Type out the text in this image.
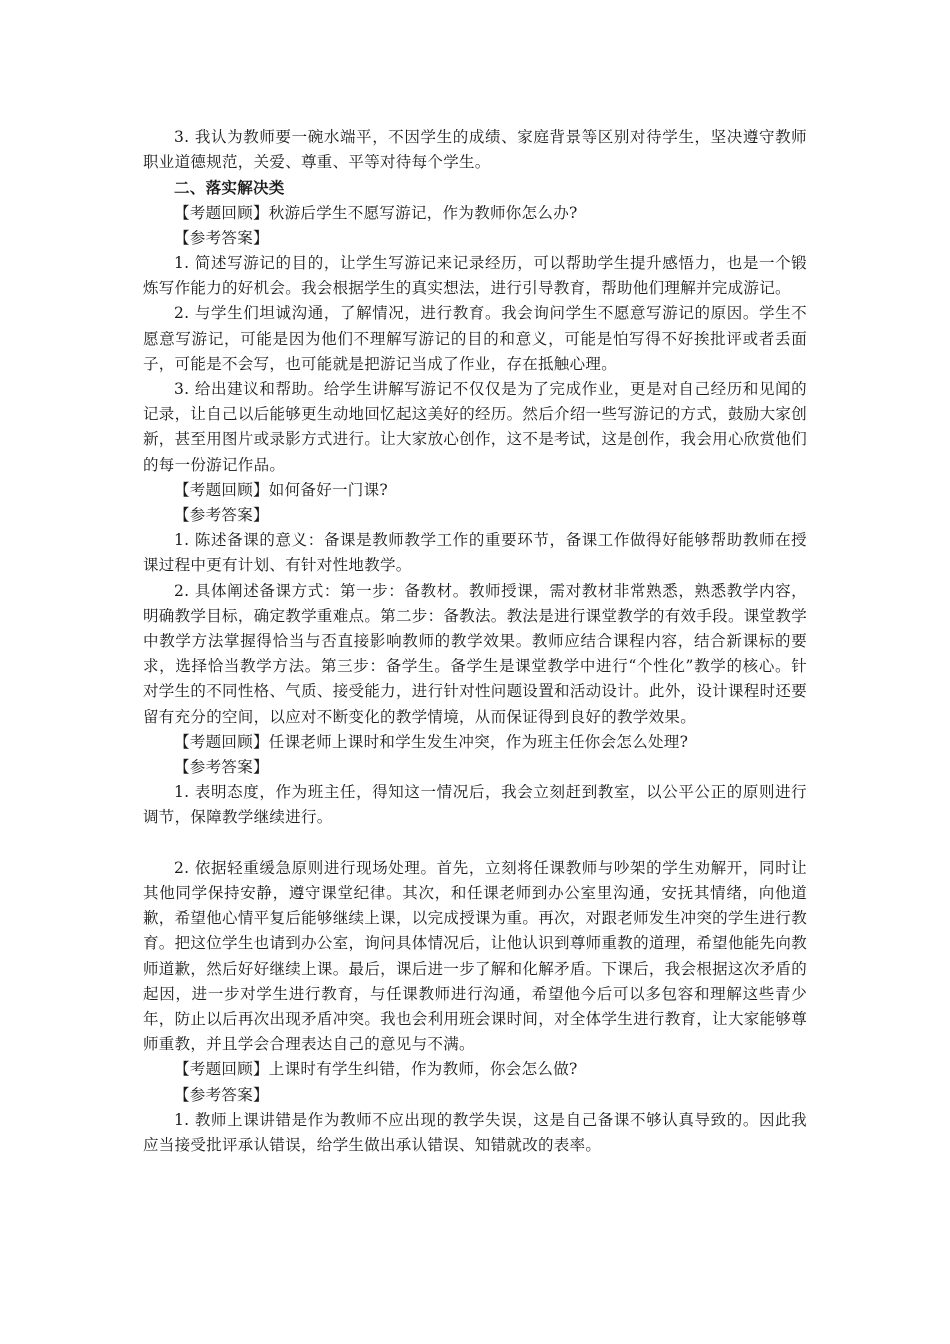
3. 我认为教师要一碗水端平，不因学生的成绩、家庭背景等区别对待学生，坚决遵守教师职业道德规范，关爱、尊重、平等对待每个学生。

二、落实解决类

【考题回顾】秋游后学生不愿写游记，作为教师你怎么办?

【参考答案】

1. 简述写游记的目的，让学生写游记来记录经历，可以帮助学生提升感悟力，也是一个锻炼写作能力的好机会。我会根据学生的真实想法，进行引导教育，帮助他们理解并完成游记。

2. 与学生们坦诚沟通，了解情况，进行教育。我会询问学生不愿意写游记的原因。学生不愿意写游记，可能是因为他们不理解写游记的目的和意义，可能是怕写得不好挨批评或者丢面子，可能是不会写，也可能就是把游记当成了作业，存在抵触心理。

3. 给出建议和帮助。给学生讲解写游记不仅仅是为了完成作业，更是对自己经历和见闻的记录，让自己以后能够更生动地回忆起这美好的经历。然后介绍一些写游记的方式，鼓励大家创新，甚至用图片或录影方式进行。让大家放心创作，这不是考试，这是创作，我会用心欣赏他们的每一份游记作品。

【考题回顾】如何备好一门课?

【参考答案】

1. 陈述备课的意义：备课是教师教学工作的重要环节，备课工作做得好能够帮助教师在授课过程中更有计划、有针对性地教学。

2. 具体阐述备课方式：第一步：备教材。教师授课，需对教材非常熟悉，熟悉教学内容，明确教学目标，确定教学重难点。第二步：备教法。教法是进行课堂教学的有效手段。课堂教学中教学方法掌握得恰当与否直接影响教师的教学效果。教师应结合课程内容，结合新课标的要求，选择恰当教学方法。第三步：备学生。备学生是课堂教学中进行“个性化”教学的核心。针对学生的不同性格、气质、接受能力，进行针对性问题设置和活动设计。此外，设计课程时还要留有充分的空间，以应对不断变化的教学情境，从而保证得到良好的教学效果。

【考题回顾】任课老师上课时和学生发生冲突，作为班主任你会怎么处理?

【参考答案】

1. 表明态度，作为班主任，得知这一情况后，我会立刻赶到教室，以公平公正的原则进行调节，保障教学继续进行。

2. 依据轻重缓急原则进行现场处理。首先，立刻将任课教师与吵架的学生劝解开，同时让其他同学保持安静，遵守课堂纪律。其次，和任课老师到办公室里沟通，安抚其情绪，向他道歉，希望他心情平复后能够继续上课，以完成授课为重。再次，对跟老师发生冲突的学生进行教育。把这位学生也请到办公室，询问具体情况后，让他认识到尊师重教的道理，希望他能先向教师道歉，然后好好继续上课。最后，课后进一步了解和化解矛盾。下课后，我会根据这次矛盾的起因，进一步对学生进行教育，与任课教师进行沟通，希望他今后可以多包容和理解这些青少年，防止以后再次出现矛盾冲突。我也会利用班会课时间，对全体学生进行教育，让大家能够尊师重教，并且学会合理表达自己的意见与不满。

【考题回顾】上课时有学生纠错，作为教师，你会怎么做?

【参考答案】

1. 教师上课讲错是作为教师不应出现的教学失误，这是自己备课不够认真导致的。因此我应当接受批评承认错误，给学生做出承认错误、知错就改的表率。
